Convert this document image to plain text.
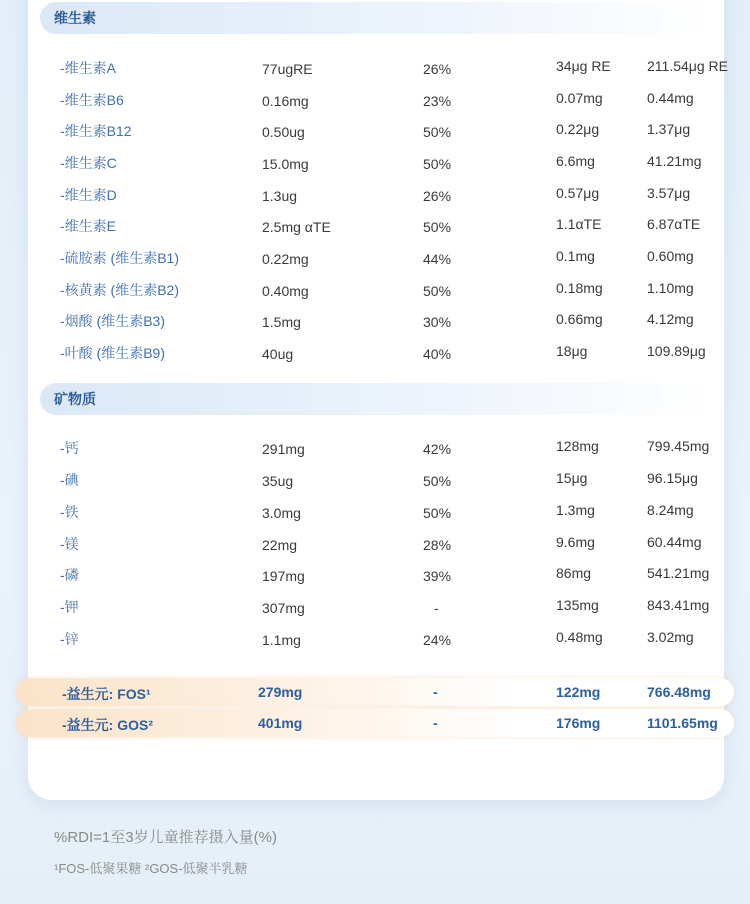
维生素
-维生素A	77ugRE	26%	34μg RE	211.54μg RE
-维生素B6	0.16mg	23%	0.07mg	0.44mg
-维生素B12	0.50ug	50%	0.22μg	1.37μg
-维生素C	15.0mg	50%	6.6mg	41.21mg
-维生素D	1.3ug	26%	0.57μg	3.57μg
-维生素E	2.5mg αTE	50%	1.1αTE	6.87αTE
-硫胺素 (维生素B1)	0.22mg	44%	0.1mg	0.60mg
-核黄素 (维生素B2)	0.40mg	50%	0.18mg	1.10mg
-烟酸 (维生素B3)	1.5mg	30%	0.66mg	4.12mg
-叶酸 (维生素B9)	40ug	40%	18μg	109.89μg
矿物质
-钙	291mg	42%	128mg	799.45mg
-碘	35ug	50%	15μg	96.15μg
-铁	3.0mg	50%	1.3mg	8.24mg
-镁	22mg	28%	9.6mg	60.44mg
-磷	197mg	39%	86mg	541.21mg
-钾	307mg	-	135mg	843.41mg
-锌	1.1mg	24%	0.48mg	3.02mg
-益生元: FOS¹	279mg	-	122mg	766.48mg
-益生元: GOS²	401mg	-	176mg	1101.65mg
%RDI=1至3岁儿童推荐摄入量(%)
¹FOS-低聚果糖 ²GOS-低聚半乳糖
